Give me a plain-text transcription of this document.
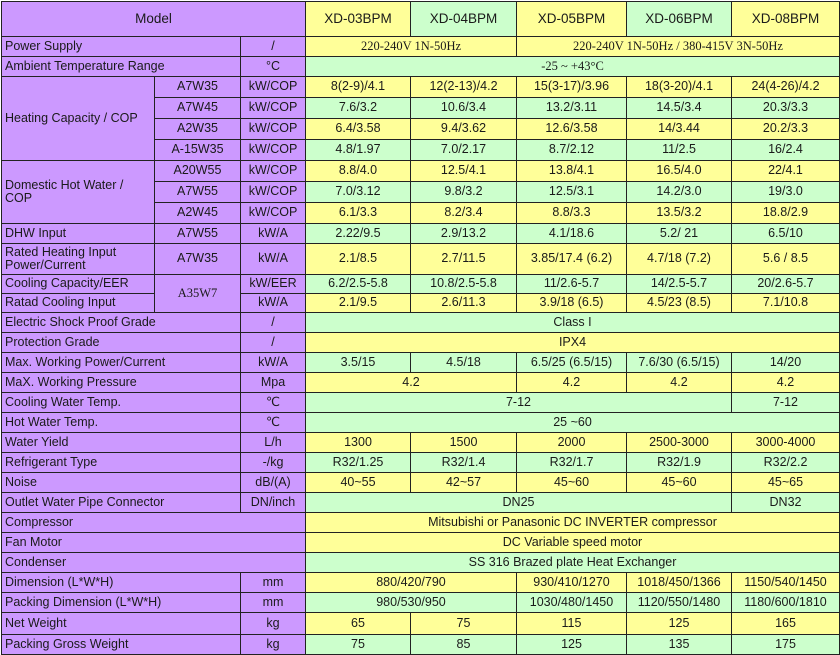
Model			XD-03BPM	XD-04BPM	XD-05BPM	XD-06BPM	XD-08BPM
Power Supply		/	220-240V 1N-50Hz		220-240V 1N-50Hz / 380-415V 3N-50Hz		
Ambient Temperature Range		°C	-25 ~ +43°C				
Heating Capacity / COP	A7W35	kW/COP	8(2-9)/4.1	12(2-13)/4.2	15(3-17)/3.96	18(3-20)/4.1	24(4-26)/4.2
	A7W45	kW/COP	7.6/3.2	10.6/3.4	13.2/3.11	14.5/3.4	20.3/3.3
	A2W35	kW/COP	6.4/3.58	9.4/3.62	12.6/3.58	14/3.44	20.2/3.3
	A-15W35	kW/COP	4.8/1.97	7.0/2.17	8.7/2.12	11/2.5	16/2.4
Domestic Hot Water / COP	A20W55	kW/COP	8.8/4.0	12.5/4.1	13.8/4.1	16.5/4.0	22/4.1
	A7W55	kW/COP	7.0/3.12	9.8/3.2	12.5/3.1	14.2/3.0	19/3.0
	A2W45	kW/COP	6.1/3.3	8.2/3.4	8.8/3.3	13.5/3.2	18.8/2.9
DHW Input	A7W55	kW/A	2.22/9.5	2.9/13.2	4.1/18.6	5.2/ 21	6.5/10
Rated Heating Input Power/Current	A7W35	kW/A	2.1/8.5	2.7/11.5	3.85/17.4 (6.2)	4.7/18 (7.2)	5.6 / 8.5
Cooling Capacity/EER	A35W7	kW/EER	6.2/2.5-5.8	10.8/2.5-5.8	11/2.6-5.7	14/2.5-5.7	20/2.6-5.7
Ratad Cooling Input		kW/A	2.1/9.5	2.6/11.3	3.9/18 (6.5)	4.5/23 (8.5)	7.1/10.8
Electric Shock Proof Grade		/	Class I				
Protection Grade		/	IPX4				
Max. Working Power/Current		kW/A	3.5/15	4.5/18	6.5/25 (6.5/15)	7.6/30 (6.5/15)	14/20
MaX. Working Pressure		Mpa	4.2		4.2	4.2	4.2
Cooling Water Temp.		℃	7-12				7-12
Hot Water Temp.		℃	25 ~60				
Water Yield		L/h	1300	1500	2000	2500-3000	3000-4000
Refrigerant Type		-/kg	R32/1.25	R32/1.4	R32/1.7	R32/1.9	R32/2.2
Noise		dB/(A)	40~55	42~57	45~60	45~60	45~65
Outlet Water Pipe Connector		DN/inch	DN25				DN32
Compressor			Mitsubishi or Panasonic DC INVERTER compressor				
Fan Motor			DC Variable speed motor				
Condenser			SS 316 Brazed plate Heat Exchanger				
Dimension (L*W*H)		mm	880/420/790		930/410/1270	1018/450/1366	1150/540/1450
Packing Dimension (L*W*H)		mm	980/530/950		1030/480/1450	1120/550/1480	1180/600/1810
Net Weight		kg	65	75	115	125	165
Packing Gross Weight		kg	75	85	125	135	175
